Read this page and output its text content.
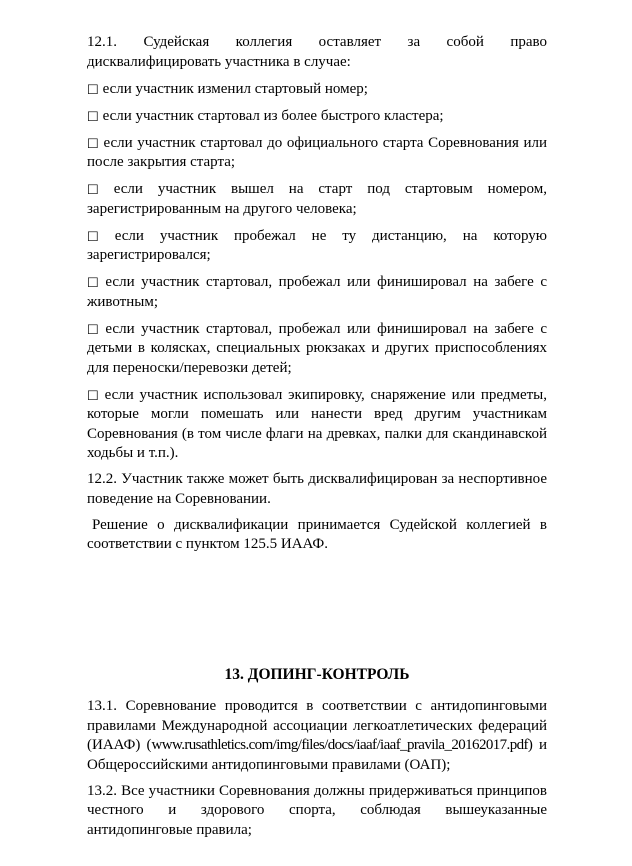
12.1. Судейская коллегия оставляет за собой право дисквалифицировать участника в случае:

□ если участник изменил стартовый номер;

□ если участник стартовал из более быстрого кластера;

□ если участник стартовал до официального старта Соревнования или после закрытия старта;

□ если участник вышел на старт под стартовым номером, зарегистрированным на другого человека;

□ если участник пробежал не ту дистанцию, на которую зарегистрировался;

□ если участник стартовал, пробежал или финишировал на забеге с животным;

□ если участник стартовал, пробежал или финишировал на забеге с детьми в колясках, специальных рюкзаках и других приспособлениях для переноски/перевозки детей;

□ если участник использовал экипировку, снаряжение или предметы, которые могли помешать или нанести вред другим участникам Соревнования (в том числе флаги на древках, палки для скандинавской ходьбы и т.п.).

12.2. Участник также может быть дисквалифицирован за неспортивное поведение на Соревновании.

Решение о дисквалификации принимается Судейской коллегией в соответствии с пунктом 125.5 ИААФ.

13. ДОПИНГ-КОНТРОЛЬ

13.1. Соревнование проводится в соответствии с антидопинговыми правилами Международной ассоциации легкоатлетических федераций (ИААФ) (www.rusathletics.com/img/files/docs/iaaf/iaaf_pravila_20162017.pdf) и Общероссийскими антидопинговыми правилами (ОАП);

13.2. Все участники Соревнования должны придерживаться принципов честного и здорового спорта, соблюдая вышеуказанные антидопинговые правила;
